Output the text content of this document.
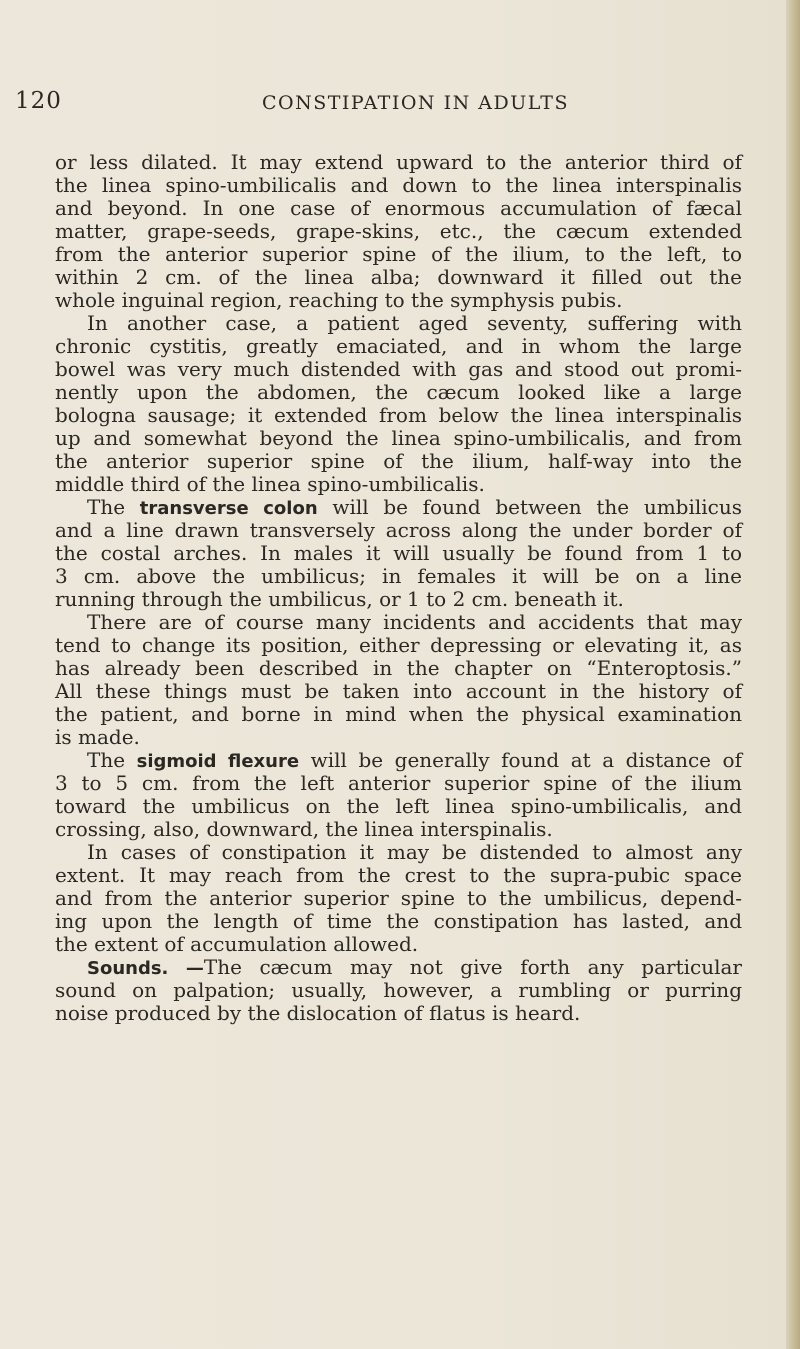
120	CONSTIPATION IN ADULTS
or less dilated. It may extend upward to the anterior third of
the linea spino-umbilicalis and down to the linea interspinalis
and beyond. In one case of enormous accumulation of fæcal
matter, grape-seeds, grape-skins, etc., the cæcum extended
from the anterior superior spine of the ilium, to the left, to
within 2 cm. of the linea alba; downward it filled out the
whole inguinal region, reaching to the symphysis pubis.
In another case, a patient aged seventy, suffering with
chronic cystitis, greatly emaciated, and in whom the large
bowel was very much distended with gas and stood out promi-
nently upon the abdomen, the cæcum looked like a large
bologna sausage; it extended from below the linea interspinalis
up and somewhat beyond the linea spino-umbilicalis, and from
the anterior superior spine of the ilium, half-way into the
middle third of the linea spino-umbilicalis.
The transverse colon will be found between the umbilicus
and a line drawn transversely across along the under border of
the costal arches. In males it will usually be found from 1 to
3 cm. above the umbilicus; in females it will be on a line
running through the umbilicus, or 1 to 2 cm. beneath it.
There are of course many incidents and accidents that may
tend to change its position, either depressing or elevating it, as
has already been described in the chapter on “Enteroptosis.”
All these things must be taken into account in the history of
the patient, and borne in mind when the physical examination
is made.
The sigmoid flexure will be generally found at a distance of
3 to 5 cm. from the left anterior superior spine of the ilium
toward the umbilicus on the left linea spino-umbilicalis, and
crossing, also, downward, the linea interspinalis.
In cases of constipation it may be distended to almost any
extent. It may reach from the crest to the supra-pubic space
and from the anterior superior spine to the umbilicus, depend-
ing upon the length of time the constipation has lasted, and
the extent of accumulation allowed.
Sounds. —The cæcum may not give forth any particular
sound on palpation; usually, however, a rumbling or purring
noise produced by the dislocation of flatus is heard.
